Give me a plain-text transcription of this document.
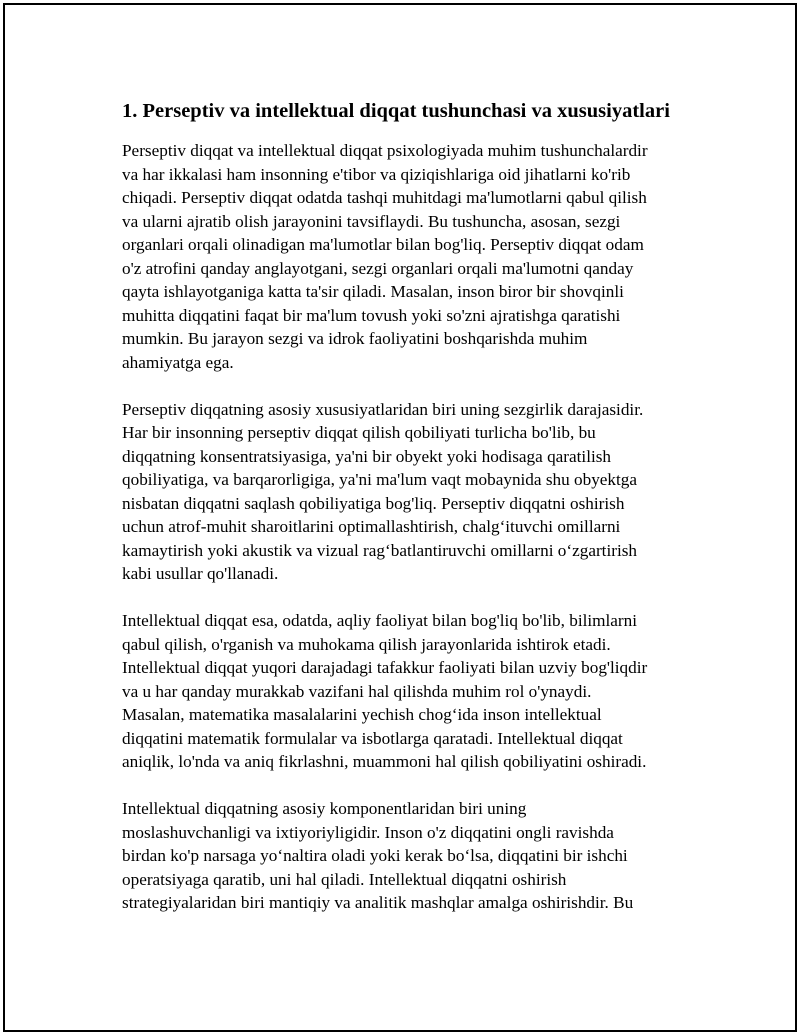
1. Perseptiv va intellektual diqqat tushunchasi va xususiyatlari

Perseptiv diqqat va intellektual diqqat psixologiyada muhim tushunchalardir
va har ikkalasi ham insonning e'tibor va qiziqishlariga oid jihatlarni ko'rib
chiqadi. Perseptiv diqqat odatda tashqi muhitdagi ma'lumotlarni qabul qilish
va ularni ajratib olish jarayonini tavsiflaydi. Bu tushuncha, asosan, sezgi
organlari orqali olinadigan ma'lumotlar bilan bog'liq. Perseptiv diqqat odam
o'z atrofini qanday anglayotgani, sezgi organlari orqali ma'lumotni qanday
qayta ishlayotganiga katta ta'sir qiladi. Masalan, inson biror bir shovqinli
muhitta diqqatini faqat bir ma'lum tovush yoki so'zni ajratishga qaratishi
mumkin. Bu jarayon sezgi va idrok faoliyatini boshqarishda muhim
ahamiyatga ega.

Perseptiv diqqatning asosiy xususiyatlaridan biri uning sezgirlik darajasidir.
Har bir insonning perseptiv diqqat qilish qobiliyati turlicha bo'lib, bu
diqqatning konsentratsiyasiga, ya'ni bir obyekt yoki hodisaga qaratilish
qobiliyatiga, va barqarorligiga, ya'ni ma'lum vaqt mobaynida shu obyektga
nisbatan diqqatni saqlash qobiliyatiga bog'liq. Perseptiv diqqatni oshirish
uchun atrof-muhit sharoitlarini optimallashtirish, chalg‘ituvchi omillarni
kamaytirish yoki akustik va vizual rag‘batlantiruvchi omillarni o‘zgartirish
kabi usullar qo'llanadi.

Intellektual diqqat esa, odatda, aqliy faoliyat bilan bog'liq bo'lib, bilimlarni
qabul qilish, o'rganish va muhokama qilish jarayonlarida ishtirok etadi.
Intellektual diqqat yuqori darajadagi tafakkur faoliyati bilan uzviy bog'liqdir
va u har qanday murakkab vazifani hal qilishda muhim rol o'ynaydi.
Masalan, matematika masalalarini yechish chog‘ida inson intellektual
diqqatini matematik formulalar va isbotlarga qaratadi. Intellektual diqqat
aniqlik, lo'nda va aniq fikrlashni, muammoni hal qilish qobiliyatini oshiradi.

Intellektual diqqatning asosiy komponentlaridan biri uning
moslashuvchanligi va ixtiyoriyligidir. Inson o'z diqqatini ongli ravishda
birdan ko'p narsaga yo‘naltira oladi yoki kerak bo‘lsa, diqqatini bir ishchi
operatsiyaga qaratib, uni hal qiladi. Intellektual diqqatni oshirish
strategiyalaridan biri mantiqiy va analitik mashqlar amalga oshirishdir. Bu
